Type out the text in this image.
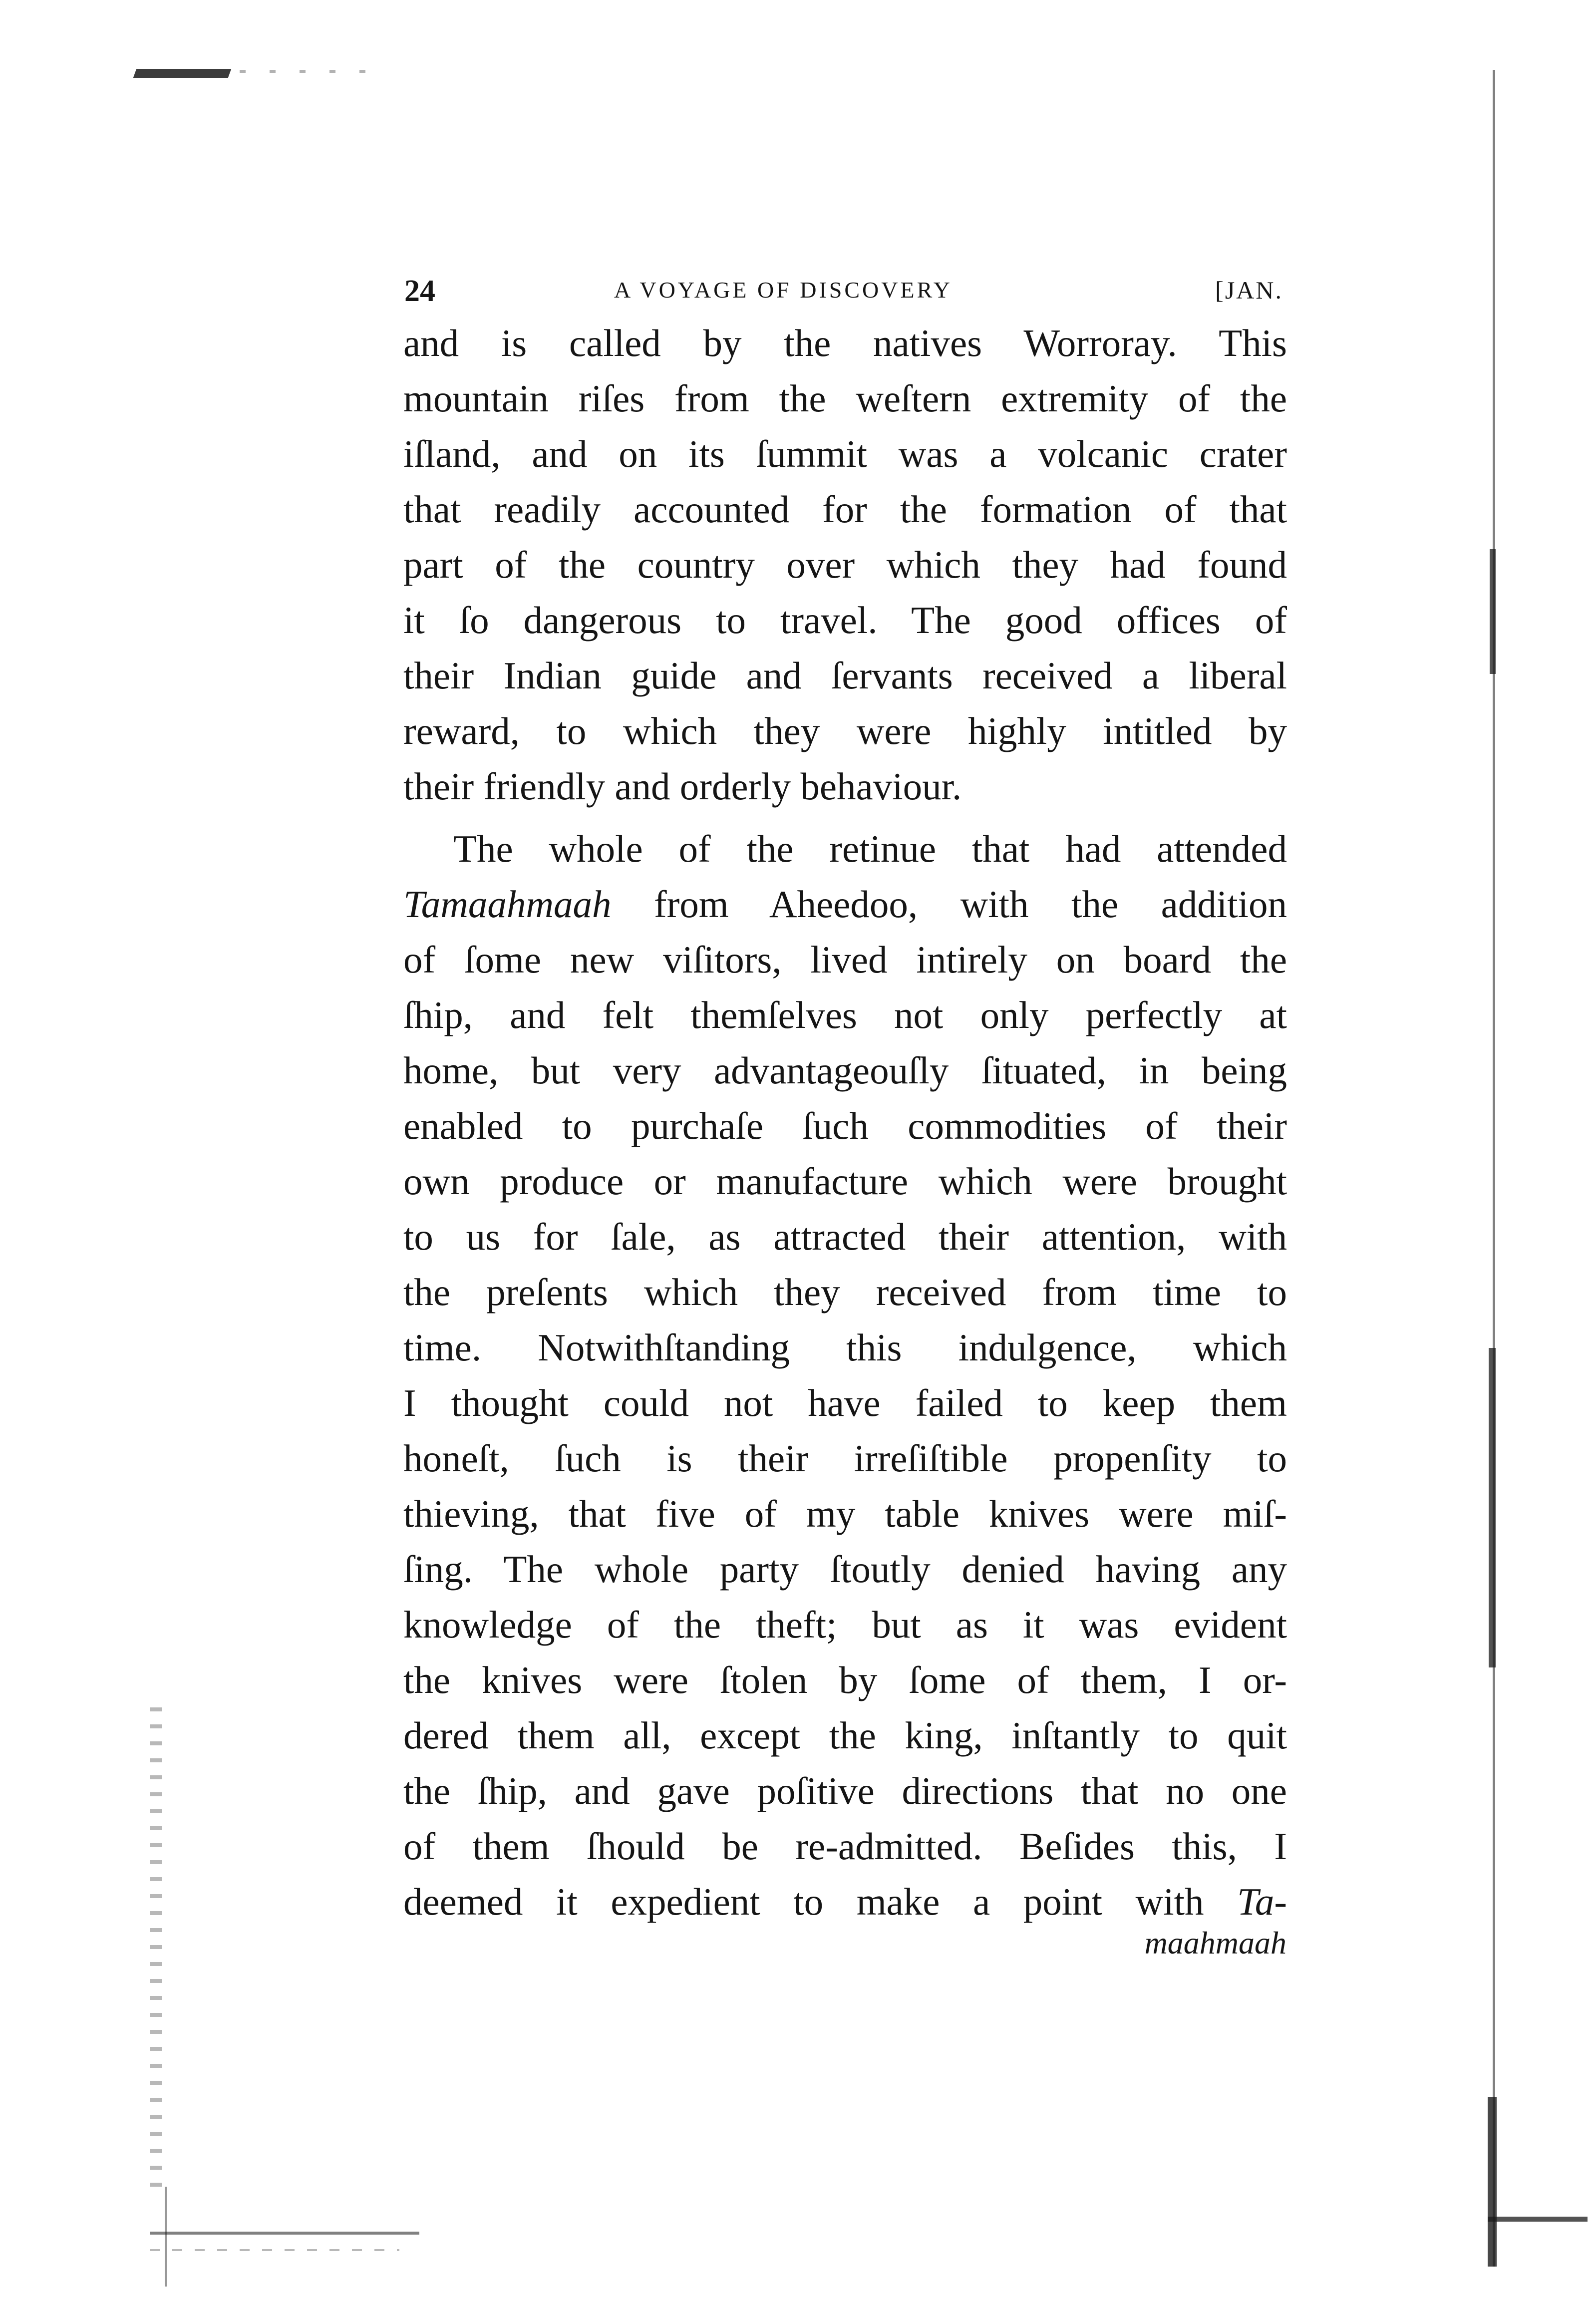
24	A VOYAGE OF DISCOVERY	[JAN.
and is called by the natives Worroray. This
mountain riſes from the weſtern extremity of the
iſland, and on its ſummit was a volcanic crater
that readily accounted for the formation of that
part of the country over which they had found
it ſo dangerous to travel. The good offices of
their Indian guide and ſervants received a liberal
reward, to which they were highly intitled by
their friendly and orderly behaviour.
The whole of the retinue that had attended
Tamaahmaah from Aheedoo, with the addition
of ſome new viſitors, lived intirely on board the
ſhip, and felt themſelves not only perfectly at
home, but very advantageouſly ſituated, in being
enabled to purchaſe ſuch commodities of their
own produce or manufacture which were brought
to us for ſale, as attracted their attention, with
the preſents which they received from time to
time. Notwithſtanding this indulgence, which
I thought could not have failed to keep them
honeſt, ſuch is their irreſiſtible propenſity to
thieving, that five of my table knives were miſ-
ſing. The whole party ſtoutly denied having any
knowledge of the theft; but as it was evident
the knives were ſtolen by ſome of them, I or-
dered them all, except the king, inſtantly to quit
the ſhip, and gave poſitive directions that no one
of them ſhould be re-admitted. Beſides this, I
deemed it expedient to make a point with Ta-
maahmaah
